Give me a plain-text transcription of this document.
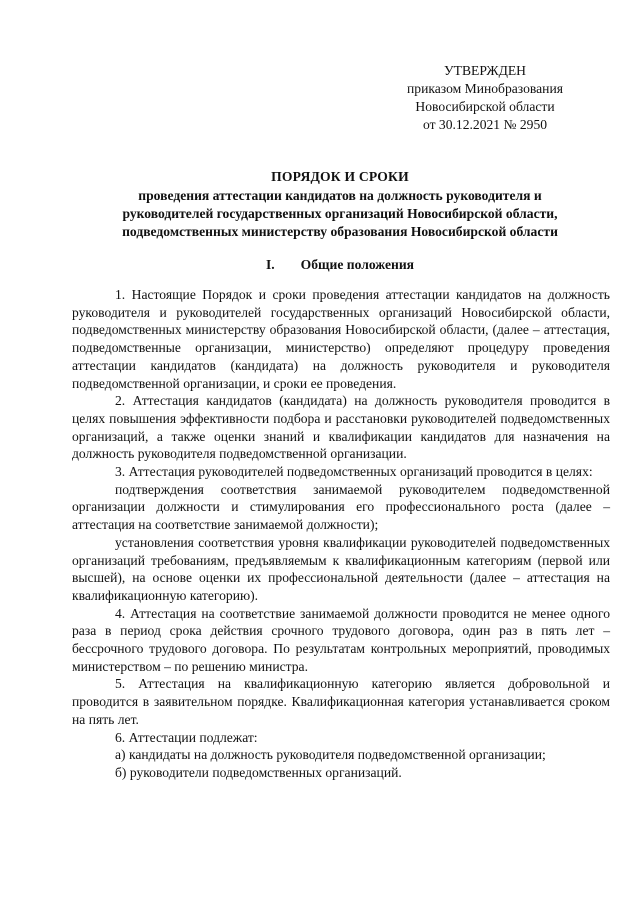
УТВЕРЖДЕН
приказом Минобразования
Новосибирской области
от 30.12.2021 № 2950
ПОРЯДОК И СРОКИ
проведения аттестации кандидатов на должность руководителя и
руководителей государственных организаций Новосибирской области,
подведомственных министерству образования Новосибирской области
I. Общие положения

1. Настоящие Порядок и сроки проведения аттестации кандидатов на должность руководителя и руководителей государственных организаций Новосибирской области, подведомственных министерству образования Новосибирской области, (далее – аттестация, подведомственные организации, министерство) определяют процедуру проведения аттестации кандидатов (кандидата) на должность руководителя и руководителя подведомственной организации, и сроки ее проведения.

2. Аттестация кандидатов (кандидата) на должность руководителя проводится в целях повышения эффективности подбора и расстановки руководителей подведомственных организаций, а также оценки знаний и квалификации кандидатов для назначения на должность руководителя подведомственной организации.

3. Аттестация руководителей подведомственных организаций проводится в целях:

подтверждения соответствия занимаемой руководителем подведомственной организации должности и стимулирования его профессионального роста (далее – аттестация на соответствие занимаемой должности);

установления соответствия уровня квалификации руководителей подведомственных организаций требованиям, предъявляемым к квалификационным категориям (первой или высшей), на основе оценки их профессиональной деятельности (далее – аттестация на квалификационную категорию).

4. Аттестация на соответствие занимаемой должности проводится не менее одного раза в период срока действия срочного трудового договора, один раз в пять лет – бессрочного трудового договора. По результатам контрольных мероприятий, проводимых министерством – по решению министра.

5. Аттестация на квалификационную категорию является добровольной и проводится в заявительном порядке. Квалификационная категория устанавливается сроком на пять лет.

6. Аттестации подлежат:

а) кандидаты на должность руководителя подведомственной организации;

б) руководители подведомственных организаций.
